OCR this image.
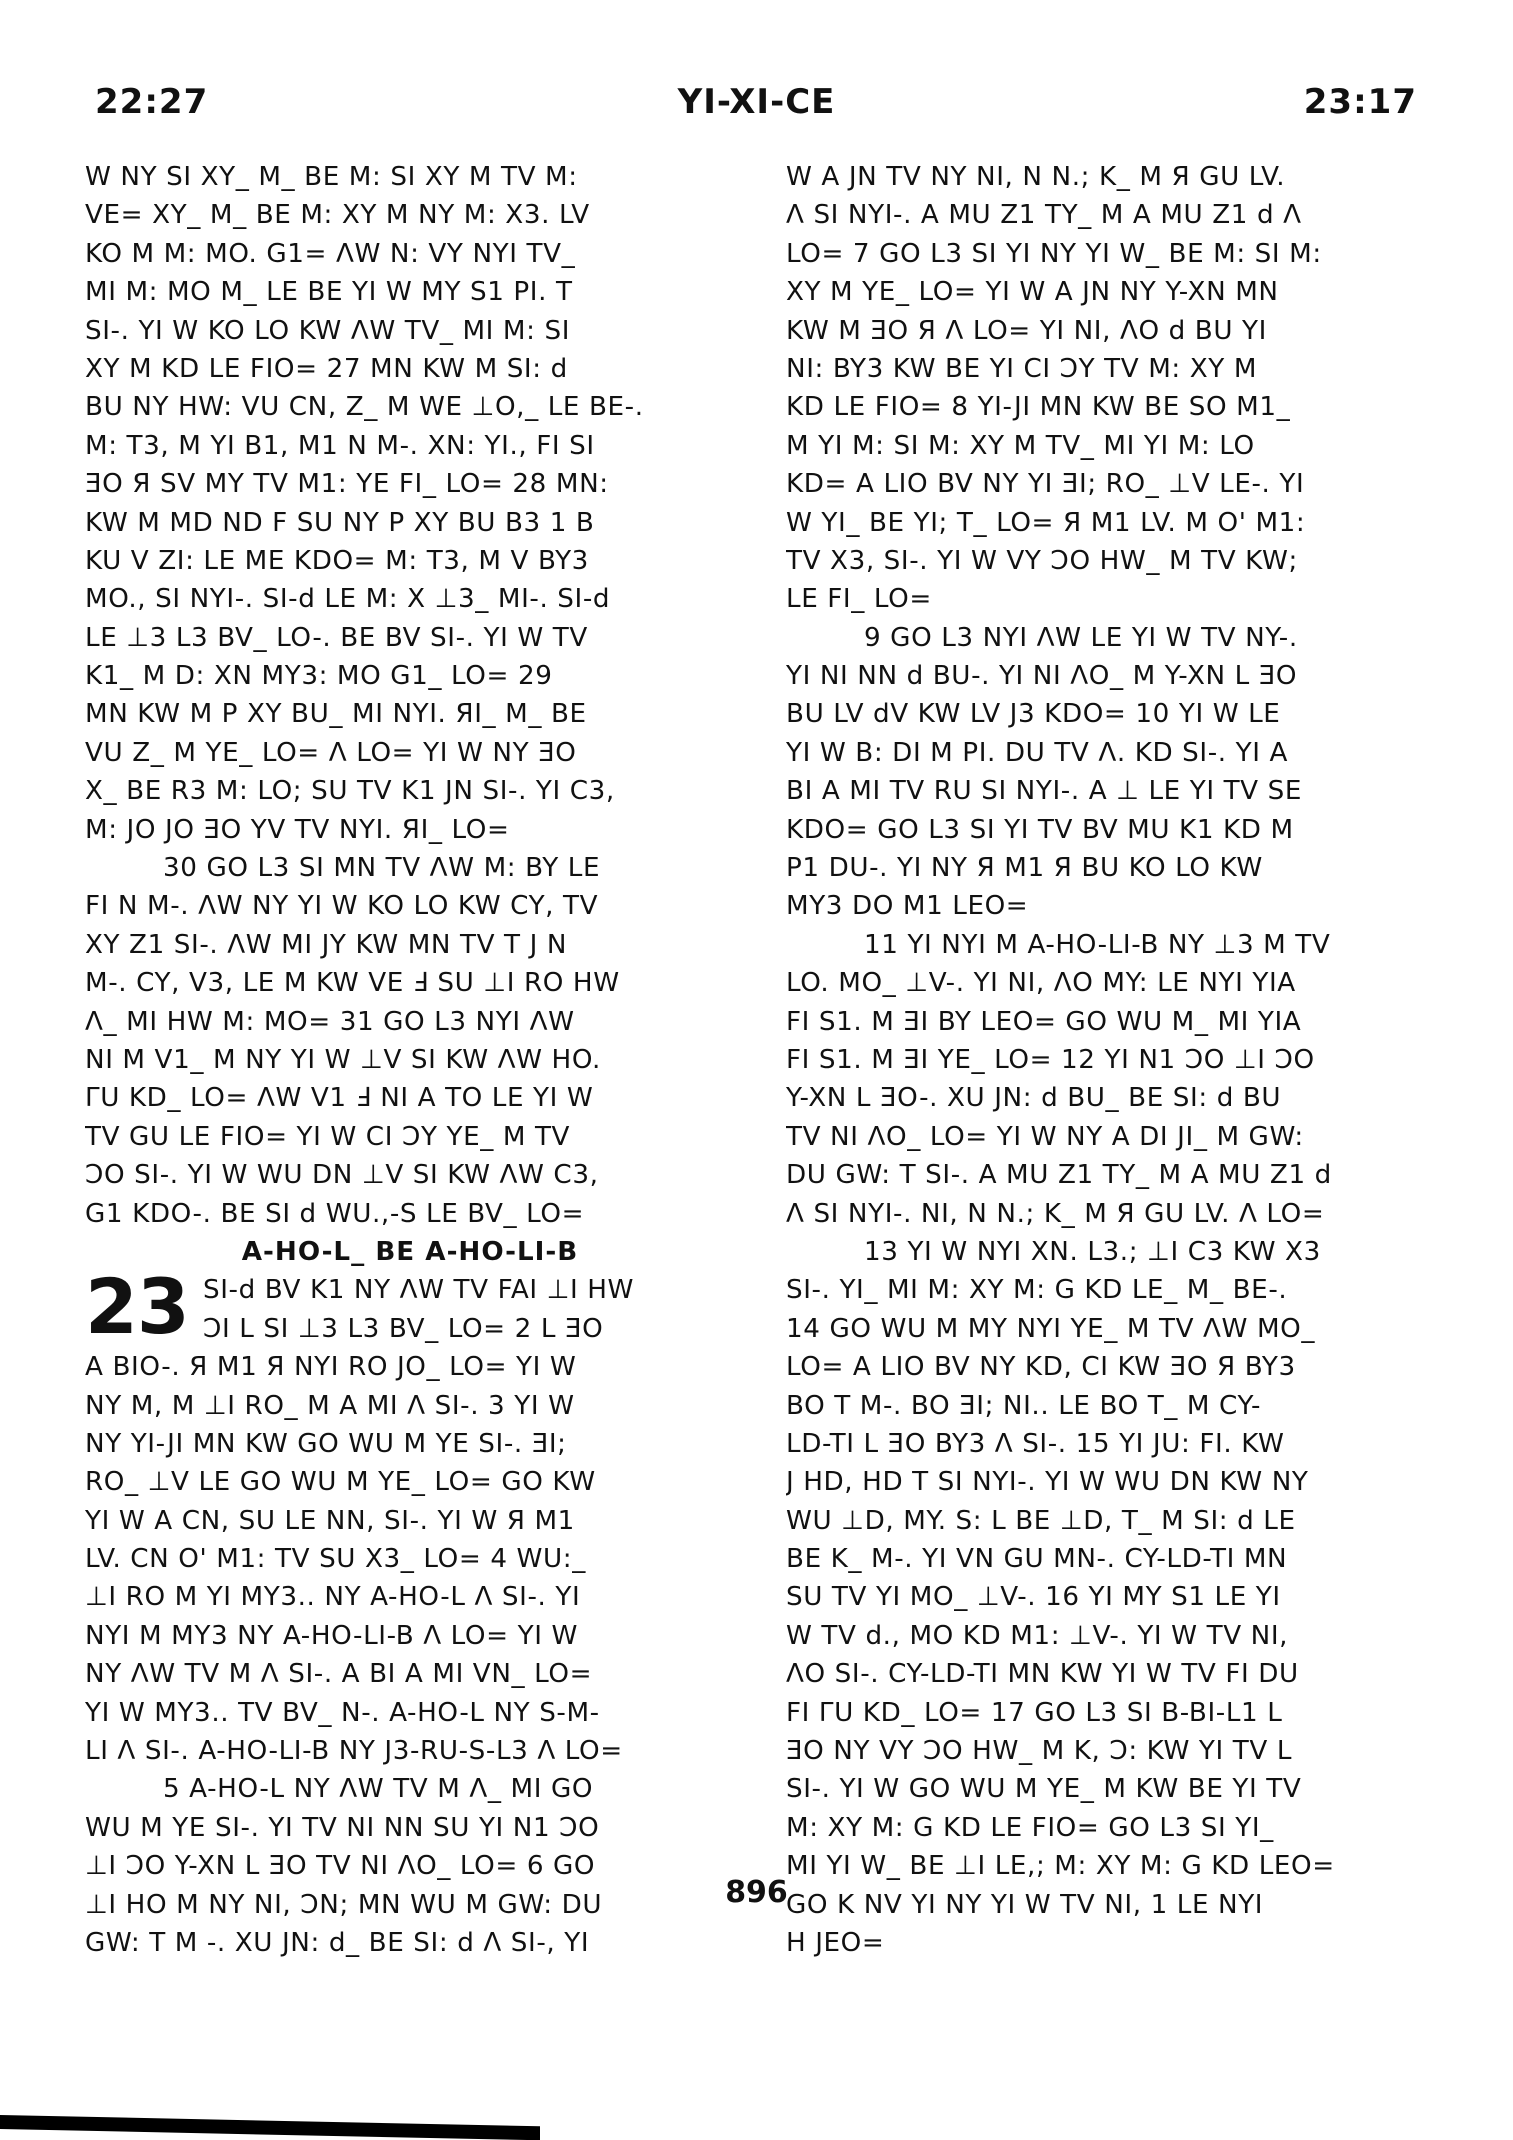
22:27	YI-XI-CE	23:17
W NY SI XY_ M_ BE M: SI XY M TV M:
VE= XY_ M_ BE M: XY M NY M: X3. LV
KO M M: MO. G1= ΛW N: VY NYI TV_
MI M: MO M_ LE BE YI W MY S1 PI. T
SI-. YI W KO LO KW ΛW TV_ MI M: SI
XY M KD LE FIO= 27 MN KW M SI: d
BU NY HW: VU CN, Z_ M WE ⊥O,_ LE BE-.
M: T3, M YI B1, M1 N M-. XN: YI., FI SI
ƎO Я SV MY TV M1: YE FI_ LO= 28 MN:
KW M MD ND F SU NY P XY BU B3 1 B
KU V ZI: LE ME KDO= M: T3, M V BY3
MO., SI NYI-. SI-d LE M: X ⊥3_ MI-. SI-d
LE ⊥3 L3 BV_ LO-. BE BV SI-. YI W TV
K1_ M D: XN MY3: MO G1_ LO= 29
MN KW M P XY BU_ MI NYI. ЯI_ M_ BE
VU Z_ M YE_ LO= Λ LO= YI W NY ƎO
X_ BE R3 M: LO; SU TV K1 JN SI-. YI C3,
M: JO JO ƎO YV TV NYI. ЯI_ LO=
30 GO L3 SI MN TV ΛW M: BY LE
FI N M-. ΛW NY YI W KO LO KW CY, TV
XY Z1 SI-. ΛW MI JY KW MN TV T J N
M-. CY, V3, LE M KW VE Ⅎ SU ⊥I RO HW
Λ_ MI HW M: MO= 31 GO L3 NYI ΛW
NI M V1_ M NY YI W ⊥V SI KW ΛW HO.
ΓU KD_ LO= ΛW V1 Ⅎ NI A TO LE YI W
TV GU LE FIO= YI W CI ƆY YE_ M TV
ƆO SI-. YI W WU DN ⊥V SI KW ΛW C3,
G1 KDO-. BE SI d WU.,-S LE BV_ LO=
A-HO-L_ BE A-HO-LI-B
23 SI-d BV K1 NY ΛW TV FAI ⊥I HW
ƆI L SI ⊥3 L3 BV_ LO= 2 L ƎO
A BIO-. Я M1 Я NYI RO JO_ LO= YI W
NY M, M ⊥I RO_ M A MI Λ SI-. 3 YI W
NY YI-JI MN KW GO WU M YE SI-. ƎI;
RO_ ⊥V LE GO WU M YE_ LO= GO KW
YI W A CN, SU LE NN, SI-. YI W Я M1
LV. CN O' M1: TV SU X3_ LO= 4 WU:_
⊥I RO M YI MY3.. NY A-HO-L Λ SI-. YI
NYI M MY3 NY A-HO-LI-B Λ LO= YI W
NY ΛW TV M Λ SI-. A BI A MI VN_ LO=
YI W MY3.. TV BV_ N-. A-HO-L NY S-M-
LI Λ SI-. A-HO-LI-B NY J3-RU-S-L3 Λ LO=
5 A-HO-L NY ΛW TV M Λ_ MI GO
WU M YE SI-. YI TV NI NN SU YI N1 ƆO
⊥I ƆO Y-XN L ƎO TV NI ΛO_ LO= 6 GO
⊥I HO M NY NI, ƆN; MN WU M GW: DU
GW: T M -. XU JN: d_ BE SI: d Λ SI-, YI
W A JN TV NY NI, N N.; K_ M Я GU LV.
Λ SI NYI-. A MU Z1 TY_ M A MU Z1 d Λ
LO= 7 GO L3 SI YI NY YI W_ BE M: SI M:
XY M YE_ LO= YI W A JN NY Y-XN MN
KW M ƎO Я Λ LO= YI NI, ΛO d BU YI
NI: BY3 KW BE YI CI ƆY TV M: XY M
KD LE FIO= 8 YI-JI MN KW BE SO M1_
M YI M: SI M: XY M TV_ MI YI M: LO
KD= A LIO BV NY YI ƎI; RO_ ⊥V LE-. YI
W YI_ BE YI; T_ LO= Я M1 LV. M O' M1:
TV X3, SI-. YI W VY ƆO HW_ M TV KW;
LE FI_ LO=
9 GO L3 NYI ΛW LE YI W TV NY-.
YI NI NN d BU-. YI NI ΛO_ M Y-XN L ƎO
BU LV dV KW LV J3 KDO= 10 YI W LE
YI W B: DI M PI. DU TV Λ. KD SI-. YI A
BI A MI TV RU SI NYI-. A ⊥ LE YI TV SE
KDO= GO L3 SI YI TV BV MU K1 KD M
P1 DU-. YI NY Я M1 Я BU KO LO KW
MY3 DO M1 LEO=
11 YI NYI M A-HO-LI-B NY ⊥3 M TV
LO. MO_ ⊥V-. YI NI, ΛO MY: LE NYI YIA
FI S1. M ƎI BY LEO= GO WU M_ MI YIA
FI S1. M ƎI YE_ LO= 12 YI N1 ƆO ⊥I ƆO
Y-XN L ƎO-. XU JN: d BU_ BE SI: d BU
TV NI ΛO_ LO= YI W NY A DI JI_ M GW:
DU GW: T SI-. A MU Z1 TY_ M A MU Z1 d
Λ SI NYI-. NI, N N.; K_ M Я GU LV. Λ LO=
13 YI W NYI XN. L3.; ⊥I C3 KW X3
SI-. YI_ MI M: XY M: G KD LE_ M_ BE-.
14 GO WU M MY NYI YE_ M TV ΛW MO_
LO= A LIO BV NY KD, CI KW ƎO Я BY3
BO T M-. BO ƎI; NI.. LE BO T_ M CY-
LD-TI L ƎO BY3 Λ SI-. 15 YI JU: FI. KW
J HD, HD T SI NYI-. YI W WU DN KW NY
WU ⊥D, MY. S: L BE ⊥D, T_ M SI: d LE
BE K_ M-. YI VN GU MN-. CY-LD-TI MN
SU TV YI MO_ ⊥V-. 16 YI MY S1 LE YI
W TV d., MO KD M1: ⊥V-. YI W TV NI,
ΛO SI-. CY-LD-TI MN KW YI W TV FI DU
FI ΓU KD_ LO= 17 GO L3 SI B-BI-L1 L
ƎO NY VY ƆO HW_ M K, Ɔ: KW YI TV L
SI-. YI W GO WU M YE_ M KW BE YI TV
M: XY M: G KD LE FIO= GO L3 SI YI_
MI YI W_ BE ⊥I LE,; M: XY M: G KD LEO=
GO K NV YI NY YI W TV NI, 1 LE NYI
H JEO=
896
